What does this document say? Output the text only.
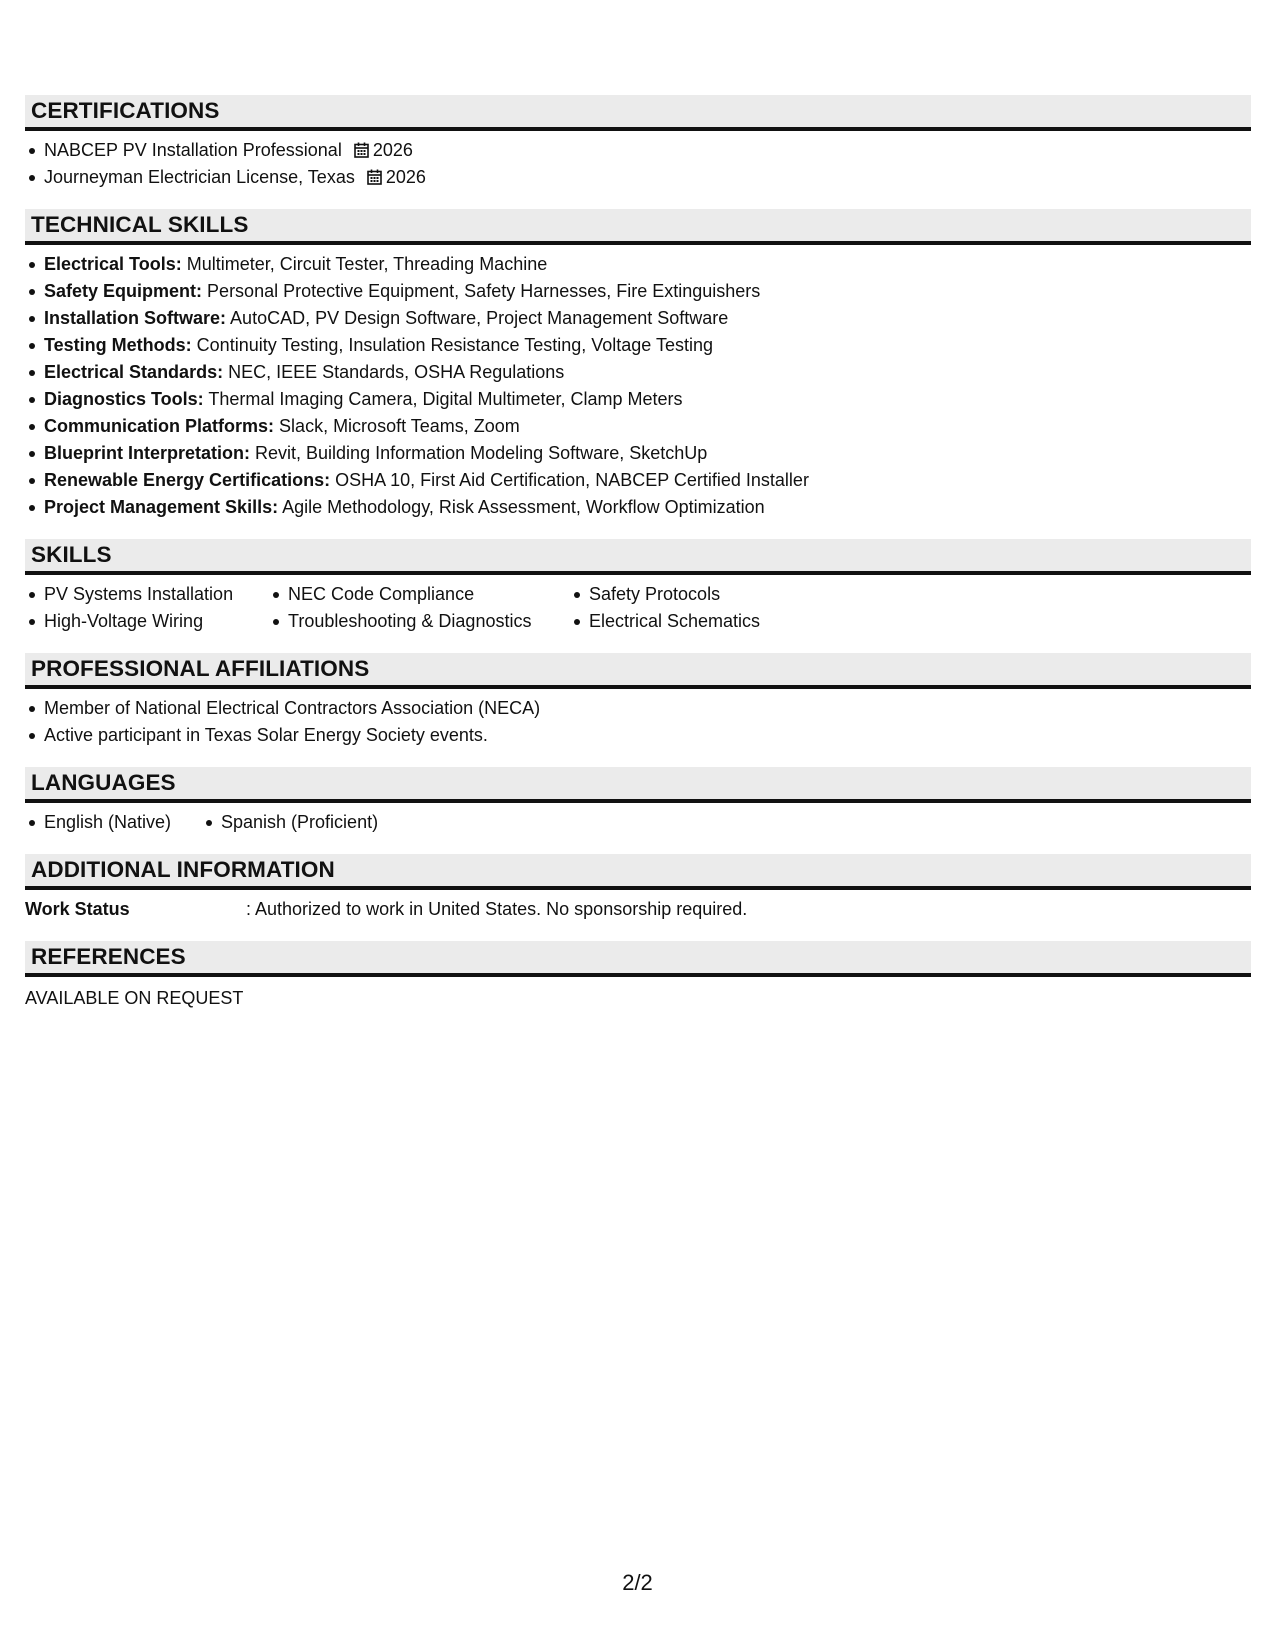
CERTIFICATIONS
NABCEP PV Installation Professional 2026
Journeyman Electrician License, Texas 2026
TECHNICAL SKILLS
Electrical Tools: Multimeter, Circuit Tester, Threading Machine
Safety Equipment: Personal Protective Equipment, Safety Harnesses, Fire Extinguishers
Installation Software: AutoCAD, PV Design Software, Project Management Software
Testing Methods: Continuity Testing, Insulation Resistance Testing, Voltage Testing
Electrical Standards: NEC, IEEE Standards, OSHA Regulations
Diagnostics Tools: Thermal Imaging Camera, Digital Multimeter, Clamp Meters
Communication Platforms: Slack, Microsoft Teams, Zoom
Blueprint Interpretation: Revit, Building Information Modeling Software, SketchUp
Renewable Energy Certifications: OSHA 10, First Aid Certification, NABCEP Certified Installer
Project Management Skills: Agile Methodology, Risk Assessment, Workflow Optimization
SKILLS
PV Systems Installation
High-Voltage Wiring
NEC Code Compliance
Troubleshooting & Diagnostics
Safety Protocols
Electrical Schematics
PROFESSIONAL AFFILIATIONS
Member of National Electrical Contractors Association (NECA)
Active participant in Texas Solar Energy Society events.
LANGUAGES
English (Native)	Spanish (Proficient)
ADDITIONAL INFORMATION
Work Status	: Authorized to work in United States. No sponsorship required.
REFERENCES
AVAILABLE ON REQUEST
2/2
